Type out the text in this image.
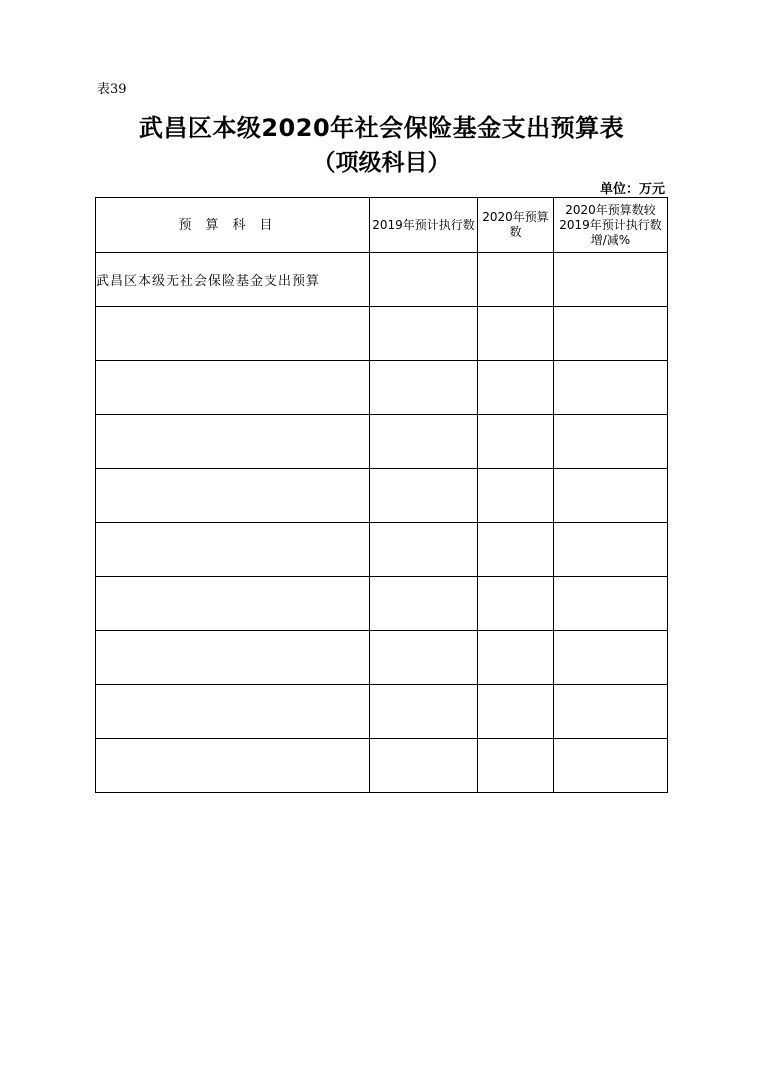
表39
武昌区本级2020年社会保险基金支出预算表
（项级科目）
单位：万元
预算科目	2019年预计执行数	2020年预算数	2020年预算数较2019年预计执行数增/减%
武昌区本级无社会保险基金支出预算			
